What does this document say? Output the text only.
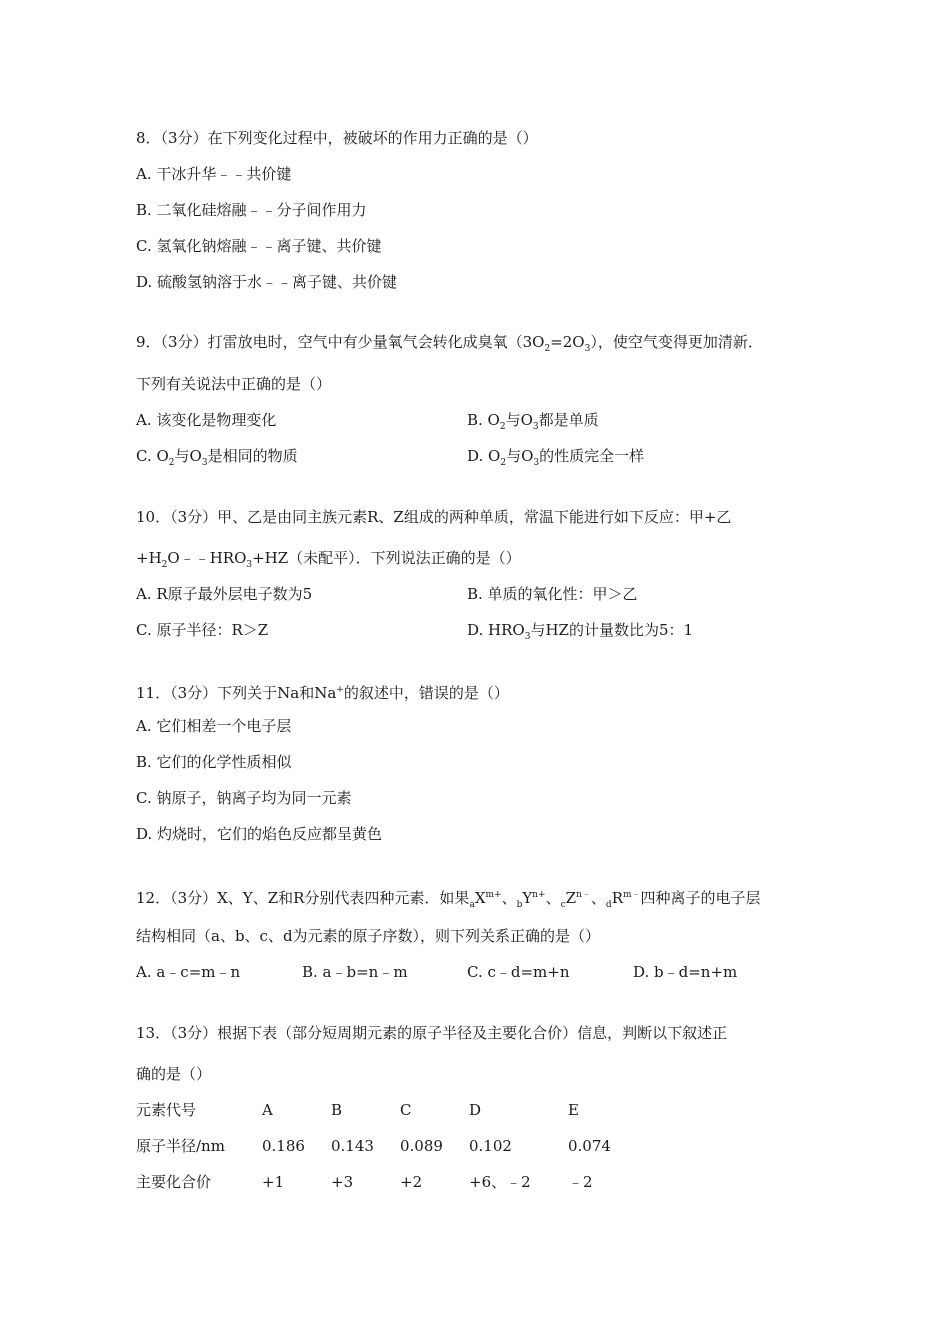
8．（3分）在下列变化过程中，被破坏的作用力正确的是（）
A. 干冰升华﹣﹣共价键
B. 二氧化硅熔融﹣﹣分子间作用力
C. 氢氧化钠熔融﹣﹣离子键、共价键
D. 硫酸氢钠溶于水﹣﹣离子键、共价键
9．（3分）打雷放电时，空气中有少量氧气会转化成臭氧$(3O_2=2O_3)$，使空气变得更加清新．
下列有关说法中正确的是（）
A. 该变化是物理变化	B. $O_2$与$O_3$都是单质
C. $O_2$与$O_3$是相同的物质	D. $O_2$与$O_3$的性质完全一样
10．（3分）甲、乙是由同主族元素R、Z组成的两种单质，常温下能进行如下反应：甲+乙
$+H_2O﹣﹣HRO_3+HZ$（未配平）．下列说法正确的是（）
A. R原子最外层电子数为5	B. 单质的氧化性：甲＞乙
C. 原子半径：R＞Z	D. $HRO_3$与HZ的计量数比为5：1
11．（3分）下列关于Na和Na+的叙述中，错误的是（）
A. 它们相差一个电子层
B. 它们的化学性质相似
C. 钠原子，钠离子均为同一元素
D. 灼烧时，它们的焰色反应都呈黄色
12．（3分）X、Y、Z和R分别代表四种元素．如果$_aX^{m+}$、$_bY^{n+}$、$_cZ^{n﹣}$、$_dR^{m﹣}$四种离子的电子层
结构相同（a、b、c、d为元素的原子序数），则下列关系正确的是（）
A. a﹣c=m﹣n	B. a﹣b=n﹣m	C. c﹣d=m+n	D. b﹣d=n+m
13．（3分）根据下表（部分短周期元素的原子半径及主要化合价）信息，判断以下叙述正
确的是（）
元素代号	A	B	C	D	E
原子半径/nm 0.186 0.143 0.089 0.102	0.074
主要化合价	+1	+3	+2	+6、﹣2 ﹣2
